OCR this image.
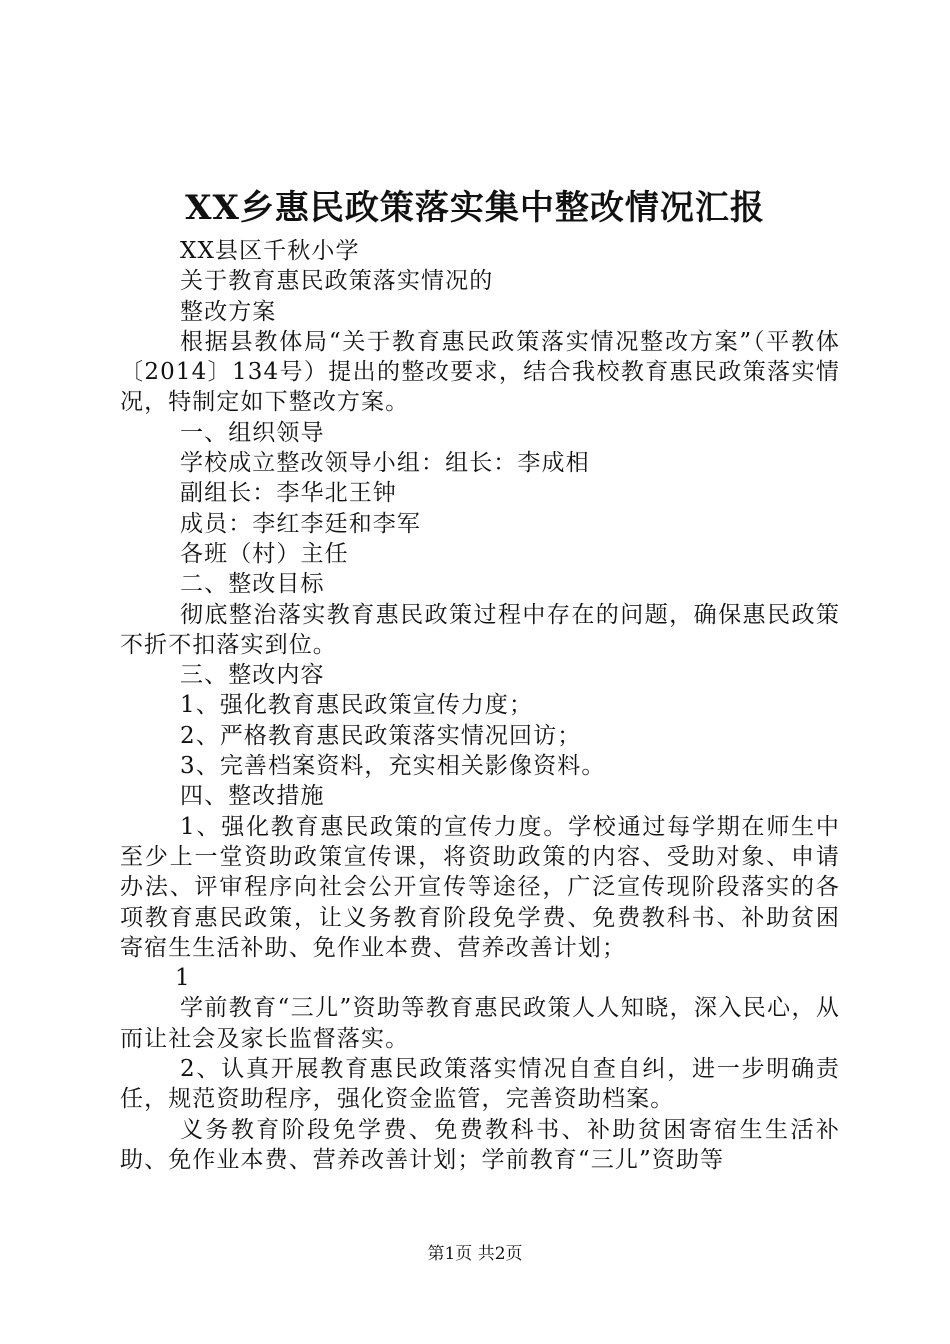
XX乡惠民政策落实集中整改情况汇报

XX县区千秋小学

关于教育惠民政策落实情况的

整改方案

根据县教体局“关于教育惠民政策落实情况整改方案”（平教体〔2014〕134号）提出的整改要求，结合我校教育惠民政策落实情况，特制定如下整改方案。

一、组织领导

学校成立整改领导小组：组长：李成相

副组长：李华北王钟

成员：李红李廷和李军

各班（村）主任

二、整改目标

彻底整治落实教育惠民政策过程中存在的问题，确保惠民政策不折不扣落实到位。

三、整改内容

1、强化教育惠民政策宣传力度；

2、严格教育惠民政策落实情况回访；

3、完善档案资料，充实相关影像资料。

四、整改措施

1、强化教育惠民政策的宣传力度。学校通过每学期在师生中至少上一堂资助政策宣传课，将资助政策的内容、受助对象、申请办法、评审程序向社会公开宣传等途径，广泛宣传现阶段落实的各项教育惠民政策，让义务教育阶段免学费、免费教科书、补助贫困寄宿生生活补助、免作业本费、营养改善计划；

1

学前教育“三儿”资助等教育惠民政策人人知晓，深入民心，从而让社会及家长监督落实。

2、认真开展教育惠民政策落实情况自查自纠，进一步明确责任，规范资助程序，强化资金监管，完善资助档案。

义务教育阶段免学费、免费教科书、补助贫困寄宿生生活补助、免作业本费、营养改善计划；学前教育“三儿”资助等

第1页 共2页
